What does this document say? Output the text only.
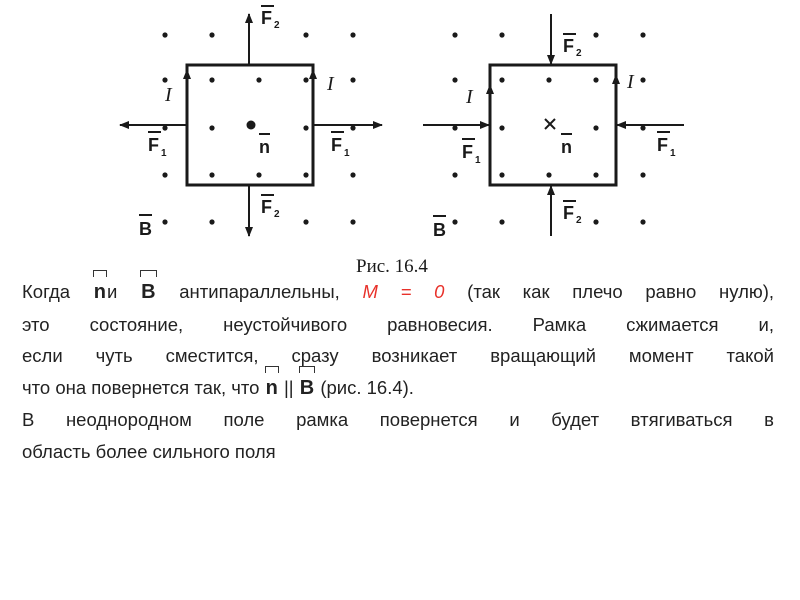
F 2
F 2
F 1	F 1
I	I
n
B
F 2
F 2
F 1
F 1
I
I
n
B
Рис. 16.4
Когда nи B антипараллельны, M = 0 (так как плечо равно нулю),
это состояние, неустойчивого равновесия. Рамка сжимается и,
если чуть сместится, сразу возникает вращающий момент такой
что она повернется так, что n || B (рис. 16.4).
В неоднородном поле рамка повернется и будет втягиваться в
область более сильного поля
